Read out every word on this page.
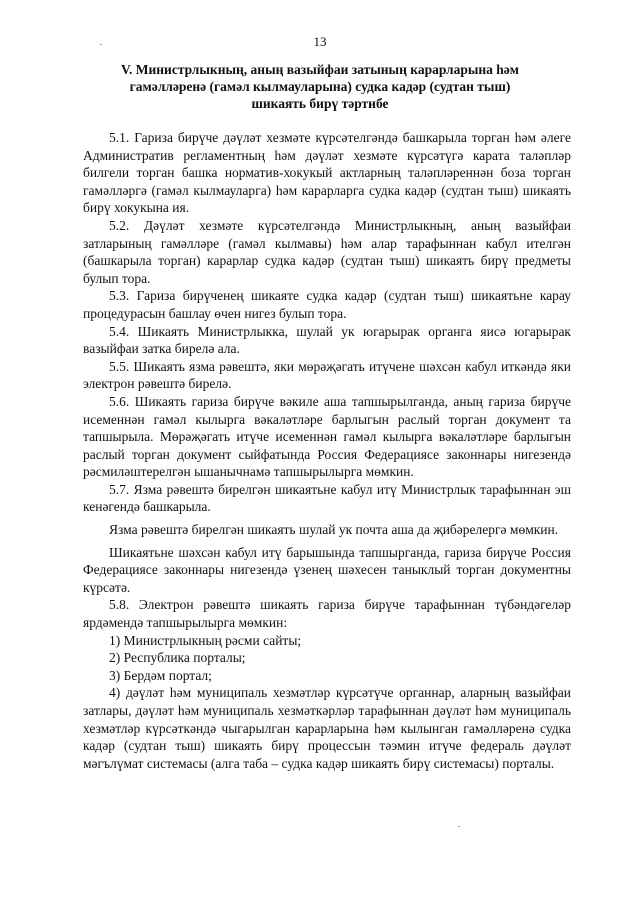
13
V. Министрлыкның, аның вазыйфаи затының карарларына һәм
гамәлләренә (гамәл кылмауларына) судка кадәр (судтан тыш)
шикаять бирү тәртибе

5.1. Гариза бирүче дәүләт хезмәте күрсәтелгәндә башкарыла торган һәм әлеге Административ регламентның һәм дәүләт хезмәте күрсәтүгә карата таләпләр билгели торган башка норматив-хокукый актларның таләпләреннән боза торган гамәлләргә (гамәл кылмауларга) һәм карарларга судка кадәр (судтан тыш) шикаять бирү хокукына ия.

5.2. Дәүләт хезмәте күрсәтелгәндә Министрлыкның, аның вазыйфаи затларының гамәлләре (гамәл кылмавы) һәм алар тарафыннан кабул ителгән (башкарыла торган) карарлар судка кадәр (судтан тыш) шикаять бирү предметы булып тора.

5.3. Гариза бирүченең шикаяте судка кадәр (судтан тыш) шикаятьне карау процедурасын башлау өчен нигез булып тора.

5.4. Шикаять Министрлыкка, шулай ук югарырак органга яисә югарырак вазыйфаи затка бирелә ала.

5.5. Шикаять язма рәвештә, яки мөрәҗәгать итүчене шәхсән кабул иткәндә яки электрон рәвештә бирелә.

5.6. Шикаять гариза бирүче вәкиле аша тапшырылганда, аның гариза бирүче исеменнән гамәл кылырга вәкаләтләре барлыгын раслый торган документ та тапшырыла. Мөрәҗәгать итүче исеменнән гамәл кылырга вәкаләтләре барлыгын раслый торган документ сыйфатында Россия Федерациясе законнары нигезендә рәсмиләштерелгән ышанычнамә тапшырылырга мөмкин.

5.7. Язма рәвештә бирелгән шикаятьне кабул итү Министрлык тарафыннан эш кенәгендә башкарыла.

Язма рәвештә бирелгән шикаять шулай ук почта аша да җибәрелергә мөмкин.

Шикаятьне шәхсән кабул итү барышында тапшырганда, гариза бирүче Россия Федерациясе законнары нигезендә үзенең шәхесен таныклый торган документны күрсәтә.

5.8. Электрон рәвештә шикаять гариза бирүче тарафыннан түбәндәгеләр ярдәмендә тапшырылырга мөмкин:

1) Министрлыкның рәсми сайты;

2) Республика порталы;

3) Бердәм портал;

4) дәүләт һәм муниципаль хезмәтләр күрсәтүче органнар, аларның вазыйфаи затлары, дәүләт һәм муниципаль хезмәткәрләр тарафыннан дәүләт һәм муниципаль хезмәтләр күрсәткәндә чыгарылган карарларына һәм кылынган гамәлләренә судка кадәр (судтан тыш) шикаять бирү процессын тәэмин итүче федераль дәүләт мәгълүмат системасы (алга таба – судка кадәр шикаять бирү системасы) порталы.
